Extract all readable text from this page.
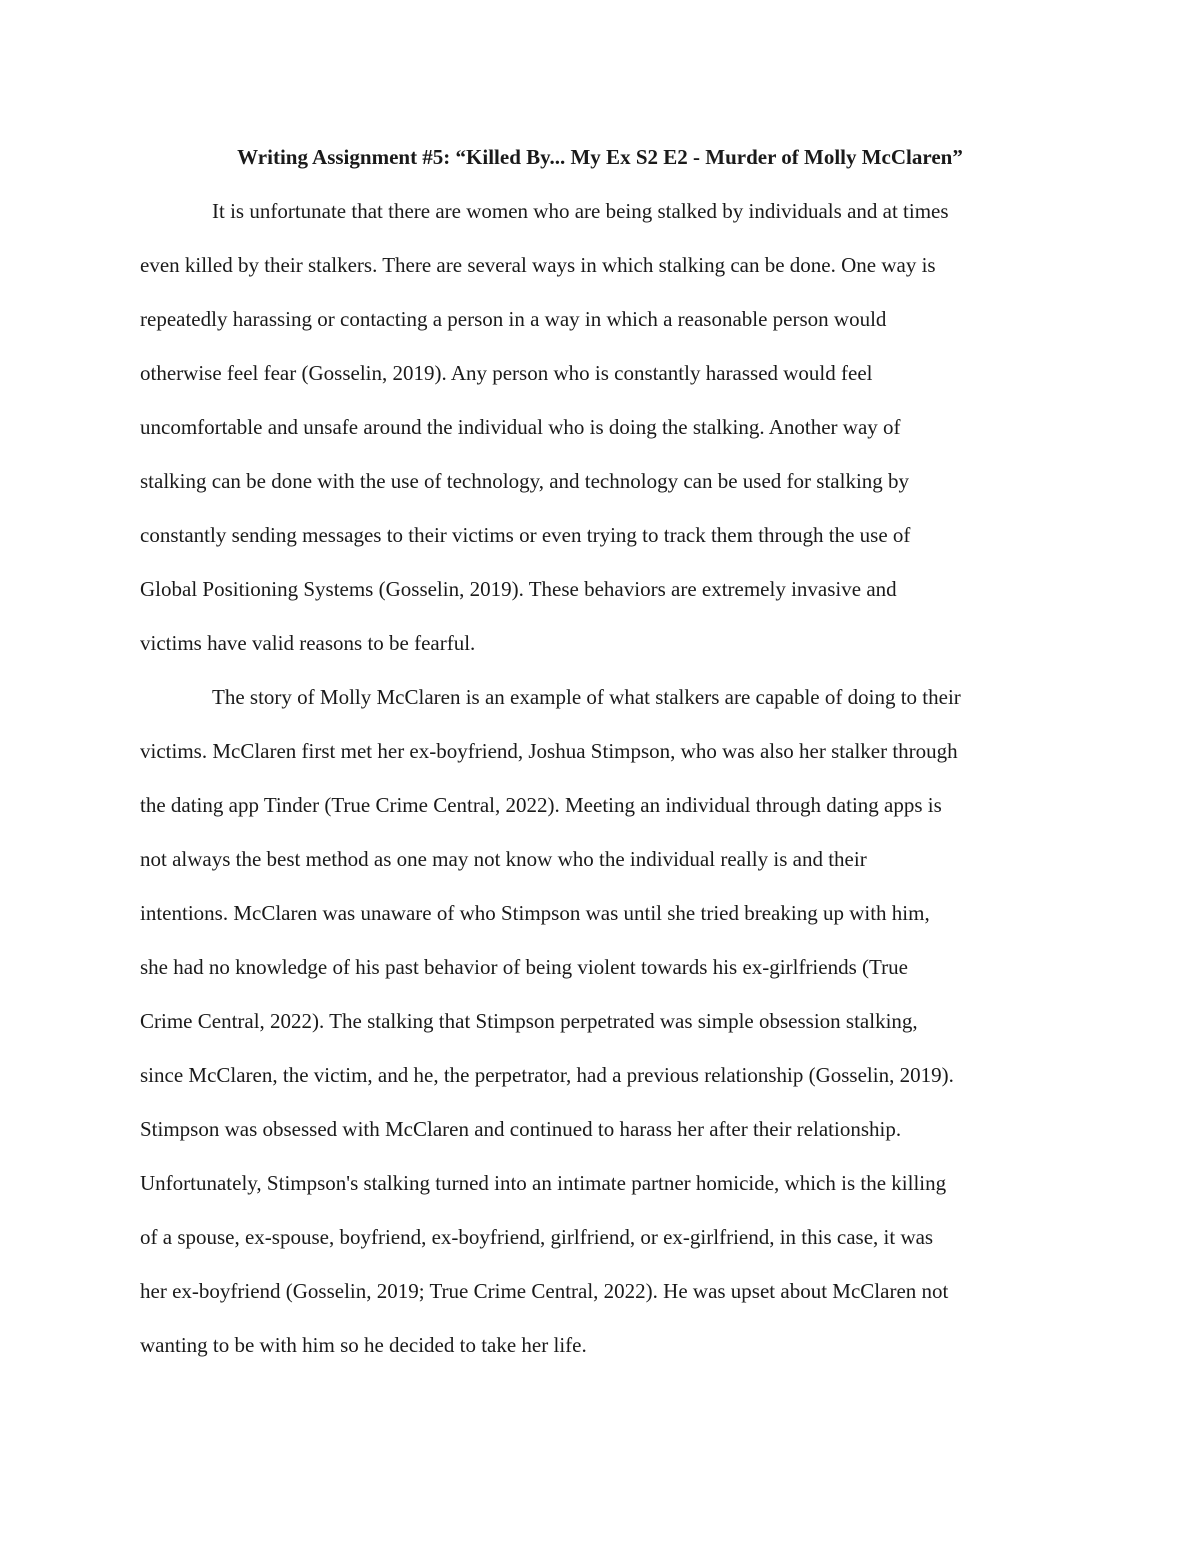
Writing Assignment #5: “Killed By... My Ex S2 E2 - Murder of Molly McClaren”
It is unfortunate that there are women who are being stalked by individuals and at times
even killed by their stalkers. There are several ways in which stalking can be done. One way is
repeatedly harassing or contacting a person in a way in which a reasonable person would
otherwise feel fear (Gosselin, 2019). Any person who is constantly harassed would feel
uncomfortable and unsafe around the individual who is doing the stalking. Another way of
stalking can be done with the use of technology, and technology can be used for stalking by
constantly sending messages to their victims or even trying to track them through the use of
Global Positioning Systems (Gosselin, 2019). These behaviors are extremely invasive and
victims have valid reasons to be fearful.
The story of Molly McClaren is an example of what stalkers are capable of doing to their
victims. McClaren first met her ex-boyfriend, Joshua Stimpson, who was also her stalker through
the dating app Tinder (True Crime Central, 2022). Meeting an individual through dating apps is
not always the best method as one may not know who the individual really is and their
intentions. McClaren was unaware of who Stimpson was until she tried breaking up with him,
she had no knowledge of his past behavior of being violent towards his ex-girlfriends (True
Crime Central, 2022). The stalking that Stimpson perpetrated was simple obsession stalking,
since McClaren, the victim, and he, the perpetrator, had a previous relationship (Gosselin, 2019).
Stimpson was obsessed with McClaren and continued to harass her after their relationship.
Unfortunately, Stimpson's stalking turned into an intimate partner homicide, which is the killing
of a spouse, ex-spouse, boyfriend, ex-boyfriend, girlfriend, or ex-girlfriend, in this case, it was
her ex-boyfriend (Gosselin, 2019; True Crime Central, 2022). He was upset about McClaren not
wanting to be with him so he decided to take her life.
